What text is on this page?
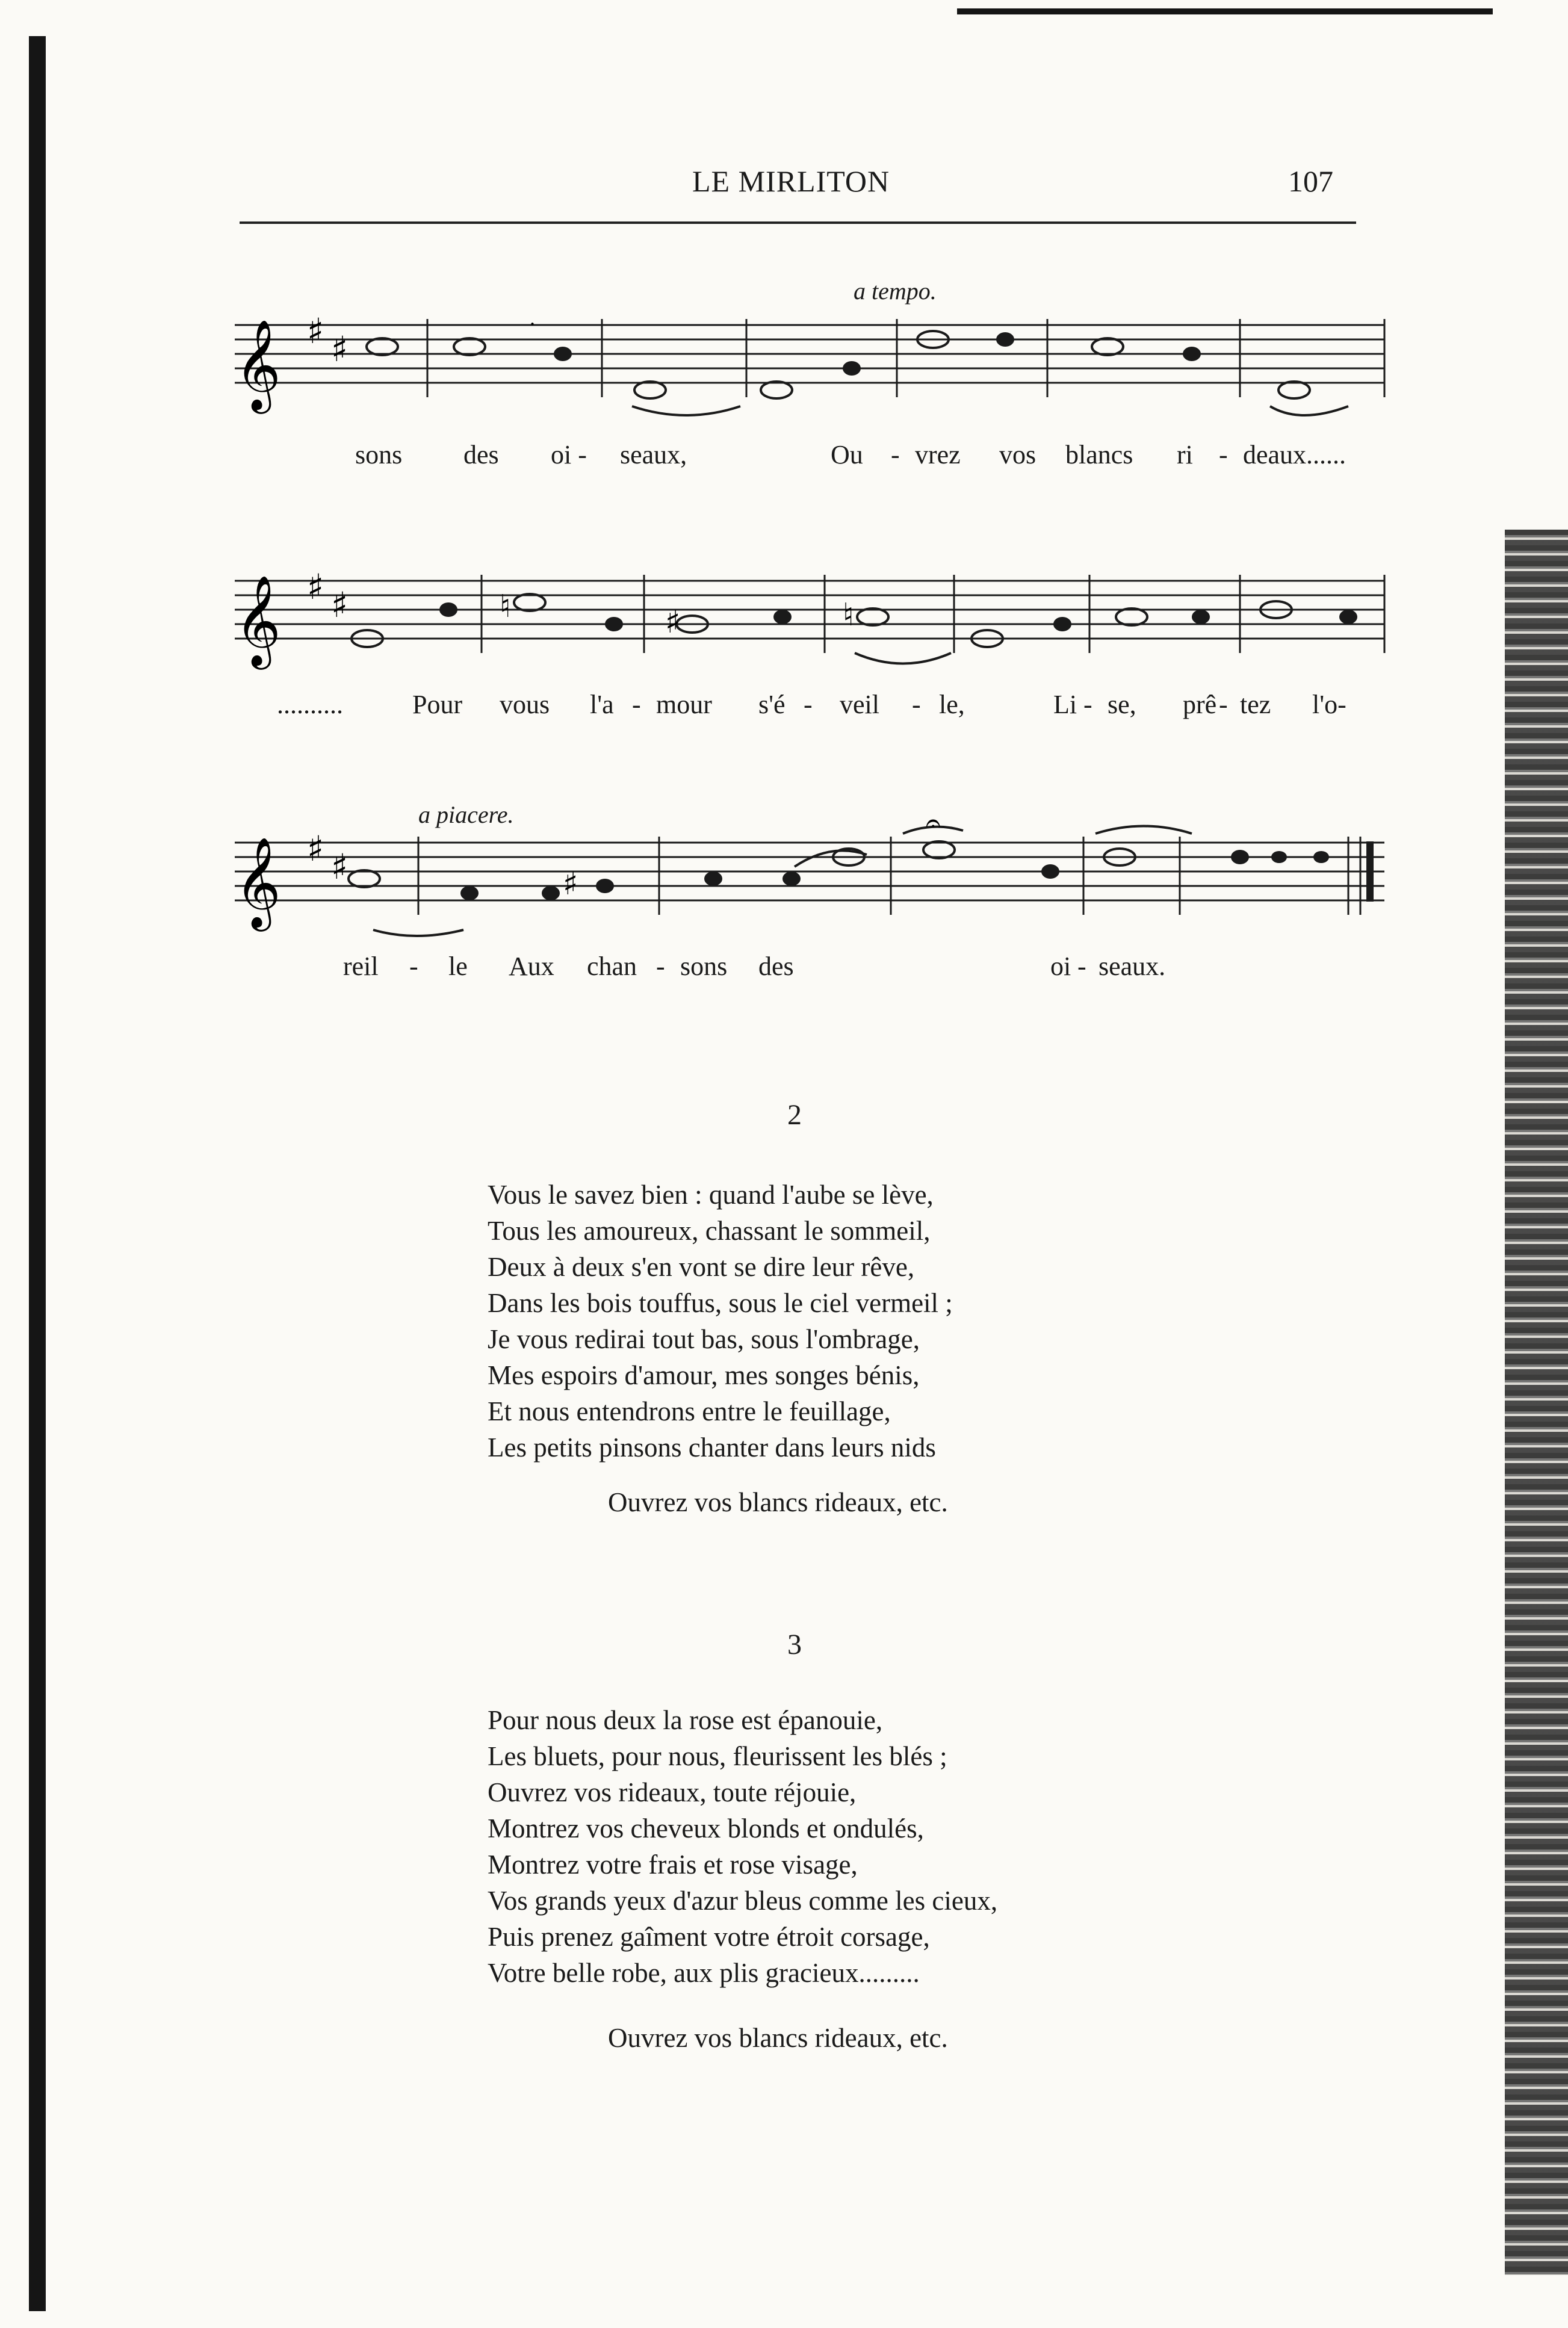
LE MIRLITON	107
a tempo.
𝄞 ♯ ♯
.
sons des oi - seaux,	Ou - vrez vos blancs ri - deaux......
𝄞 ♯ ♯	♮	♯	♮
..........	Pour vous l'a - mour s'é - veil - le,	Li - se, prê - tez l'o-
a piacere.
𝄞 ♯ ♯	♯
𝄐
reil - le Aux chan - sons des	oi - seaux.
2
Vous le savez bien : quand l'aube se lève,
Tous les amoureux, chassant le sommeil,
Deux à deux s'en vont se dire leur rêve,
Dans les bois touffus, sous le ciel vermeil ;
Je vous redirai tout bas, sous l'ombrage,
Mes espoirs d'amour, mes songes bénis,
Et nous entendrons entre le feuillage,
Les petits pinsons chanter dans leurs nids
Ouvrez vos blancs rideaux, etc.
3
Pour nous deux la rose est épanouie,
Les bluets, pour nous, fleurissent les blés ;
Ouvrez vos rideaux, toute réjouie,
Montrez vos cheveux blonds et ondulés,
Montrez votre frais et rose visage,
Vos grands yeux d'azur bleus comme les cieux,
Puis prenez gaîment votre étroit corsage,
Votre belle robe, aux plis gracieux.........
Ouvrez vos blancs rideaux, etc.
